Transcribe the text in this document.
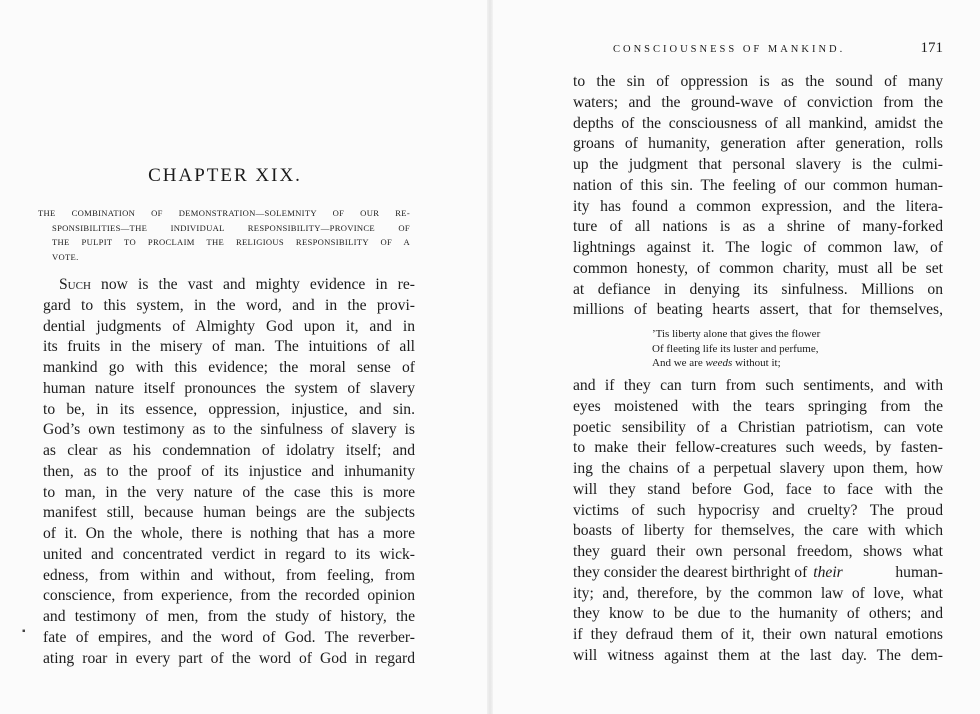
CHAPTER XIX.
THE COMBINATION OF DEMONSTRATION—SOLEMNITY OF OUR RE-
SPONSIBILITIES—THE INDIVIDUAL RESPONSIBILITY—PROVINCE OF
THE PULPIT TO PROCLAIM THE RELIGIOUS RESPONSIBILITY OF A
VOTE.
Such now is the vast and mighty evidence in re-
gard to this system, in the word, and in the provi-
dential judgments of Almighty God upon it, and in
its fruits in the misery of man. The intuitions of all
mankind go with this evidence; the moral sense of
human nature itself pronounces the system of slavery
to be, in its essence, oppression, injustice, and sin.
God’s own testimony as to the sinfulness of slavery is
as clear as his condemnation of idolatry itself; and
then, as to the proof of its injustice and inhumanity
to man, in the very nature of the case this is more
manifest still, because human beings are the subjects
of it. On the whole, there is nothing that has a more
united and concentrated verdict in regard to its wick-
edness, from within and without, from feeling, from
conscience, from experience, from the recorded opinion
and testimony of men, from the study of history, the
fate of empires, and the word of God. The reverber-
ating roar in every part of the word of God in regard
▪
CONSCIOUSNESS OF MANKIND.	171
to the sin of oppression is as the sound of many
waters; and the ground-wave of conviction from the
depths of the consciousness of all mankind, amidst the
groans of humanity, generation after generation, rolls
up the judgment that personal slavery is the culmi-
nation of this sin. The feeling of our common human-
ity has found a common expression, and the litera-
ture of all nations is as a shrine of many-forked
lightnings against it. The logic of common law, of
common honesty, of common charity, must all be set
at defiance in denying its sinfulness. Millions on
millions of beating hearts assert, that for themselves,
’Tis liberty alone that gives the flower
Of fleeting life its luster and perfume,
And we are weeds without it;
and if they can turn from such sentiments, and with
eyes moistened with the tears springing from the
poetic sensibility of a Christian patriotism, can vote
to make their fellow-creatures such weeds, by fasten-
ing the chains of a perpetual slavery upon them, how
will they stand before God, face to face with the
victims of such hypocrisy and cruelty? The proud
boasts of liberty for themselves, the care with which
they guard their own personal freedom, shows what
they consider the dearest birthright of their	human-
ity; and, therefore, by the common law of love, what
they know to be due to the humanity of others; and
if they defraud them of it, their own natural emotions
will witness against them at the last day. The dem-
